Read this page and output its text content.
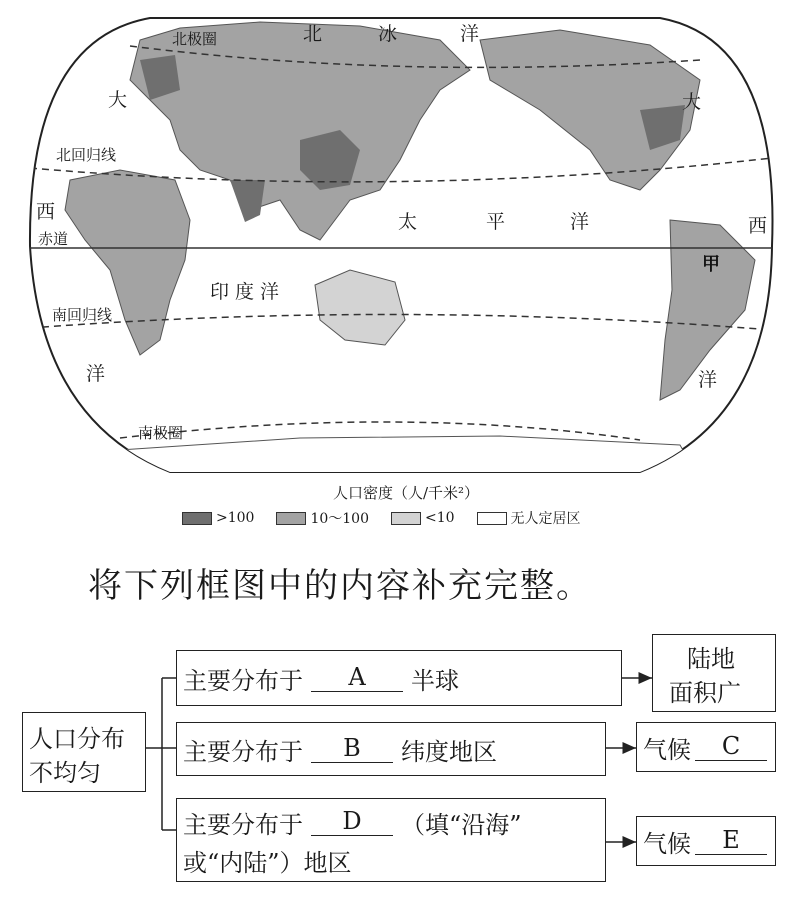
北极圈
北回归线
赤道
南回归线
南极圈
北	冰	洋
太	平	洋
印度洋
大
西
洋
大
西
洋
甲
人口密度（人/千米²）
>100	10～100	<10	无人定居区
将下列框图中的内容补充完整。
人口分布
不均匀
主要分布于	A	半球
陆地
面积广
主要分布于	B	纬度地区	气候	C
主要分布于	D	（填“沿海”
或“内陆”）地区
气候	E
